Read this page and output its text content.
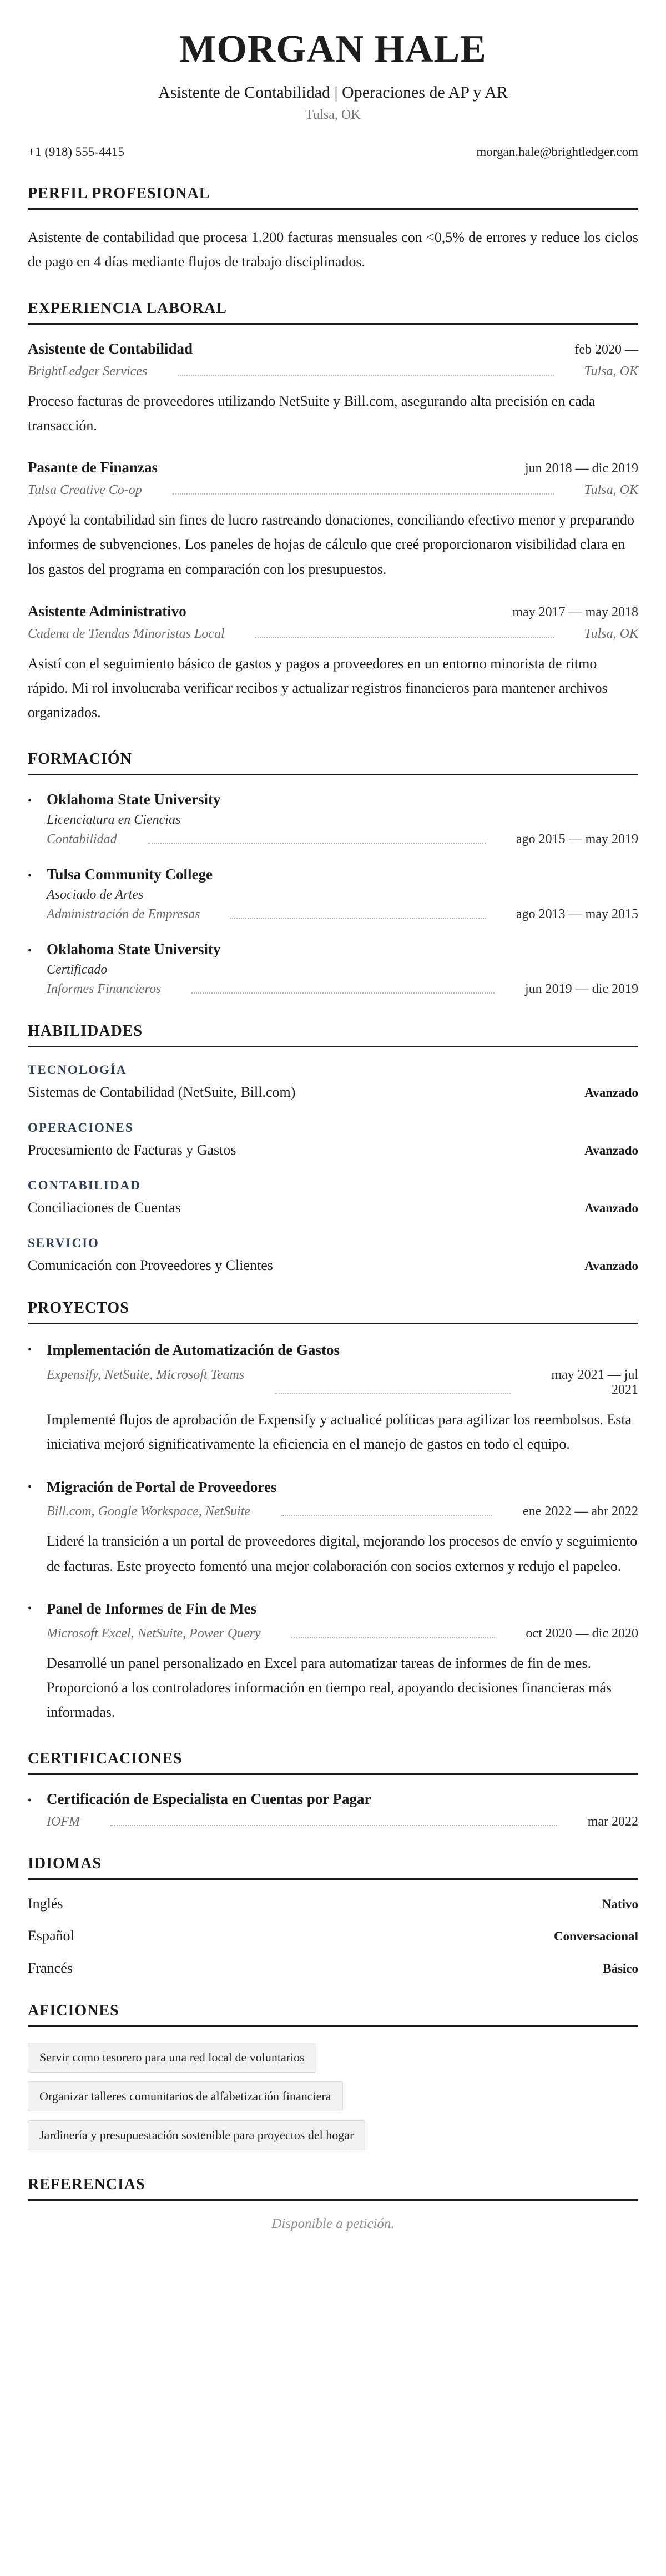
MORGAN HALE
Asistente de Contabilidad | Operaciones de AP y AR
Tulsa, OK
+1 (918) 555-4415	morgan.hale@brightledger.com
PERFIL PROFESIONAL

Asistente de contabilidad que procesa 1.200 facturas mensuales con <0,5% de errores y reduce los ciclos de pago en 4 días mediante flujos de trabajo disciplinados.

EXPERIENCIA LABORAL
Asistente de Contabilidad	feb 2020 —
BrightLedger Services	Tulsa, OK

Proceso facturas de proveedores utilizando NetSuite y Bill.com, asegurando alta precisión en cada transacción.

Pasante de Finanzas	jun 2018 — dic 2019
Tulsa Creative Co-op	Tulsa, OK

Apoyé la contabilidad sin fines de lucro rastreando donaciones, conciliando efectivo menor y preparando informes de subvenciones. Los paneles de hojas de cálculo que creé proporcionaron visibilidad clara en los gastos del programa en comparación con los presupuestos.

Asistente Administrativo	may 2017 — may 2018
Cadena de Tiendas Minoristas Local	Tulsa, OK

Asistí con el seguimiento básico de gastos y pagos a proveedores en un entorno minorista de ritmo rápido. Mi rol involucraba verificar recibos y actualizar registros financieros para mantener archivos organizados.

FORMACIÓN
• Oklahoma State University
Licenciatura en Ciencias
Contabilidad	ago 2015 — may 2019
• Tulsa Community College
Asociado de Artes
Administración de Empresas	ago 2013 — may 2015
• Oklahoma State University
Certificado
Informes Financieros	jun 2019 — dic 2019
HABILIDADES
TECNOLOGÍA
Sistemas de Contabilidad (NetSuite, Bill.com)	Avanzado
OPERACIONES
Procesamiento de Facturas y Gastos	Avanzado
CONTABILIDAD
Conciliaciones de Cuentas	Avanzado
SERVICIO
Comunicación con Proveedores y Clientes	Avanzado
PROYECTOS
• Implementación de Automatización de Gastos
Expensify, NetSuite, Microsoft Teams	may 2021 — jul 2021

Implementé flujos de aprobación de Expensify y actualicé políticas para agilizar los reembolsos. Esta iniciativa mejoró significativamente la eficiencia en el manejo de gastos en todo el equipo.

• Migración de Portal de Proveedores
Bill.com, Google Workspace, NetSuite	ene 2022 — abr 2022

Lideré la transición a un portal de proveedores digital, mejorando los procesos de envío y seguimiento de facturas. Este proyecto fomentó una mejor colaboración con socios externos y redujo el papeleo.

• Panel de Informes de Fin de Mes
Microsoft Excel, NetSuite, Power Query	oct 2020 — dic 2020

Desarrollé un panel personalizado en Excel para automatizar tareas de informes de fin de mes. Proporcionó a los controladores información en tiempo real, apoyando decisiones financieras más informadas.

CERTIFICACIONES
• Certificación de Especialista en Cuentas por Pagar
IOFM	mar 2022
IDIOMAS
Inglés	Nativo
Español	Conversacional
Francés	Básico
AFICIONES
Servir como tesorero para una red local de voluntarios
Organizar talleres comunitarios de alfabetización financiera
Jardinería y presupuestación sostenible para proyectos del hogar
REFERENCIAS

Disponible a petición.
